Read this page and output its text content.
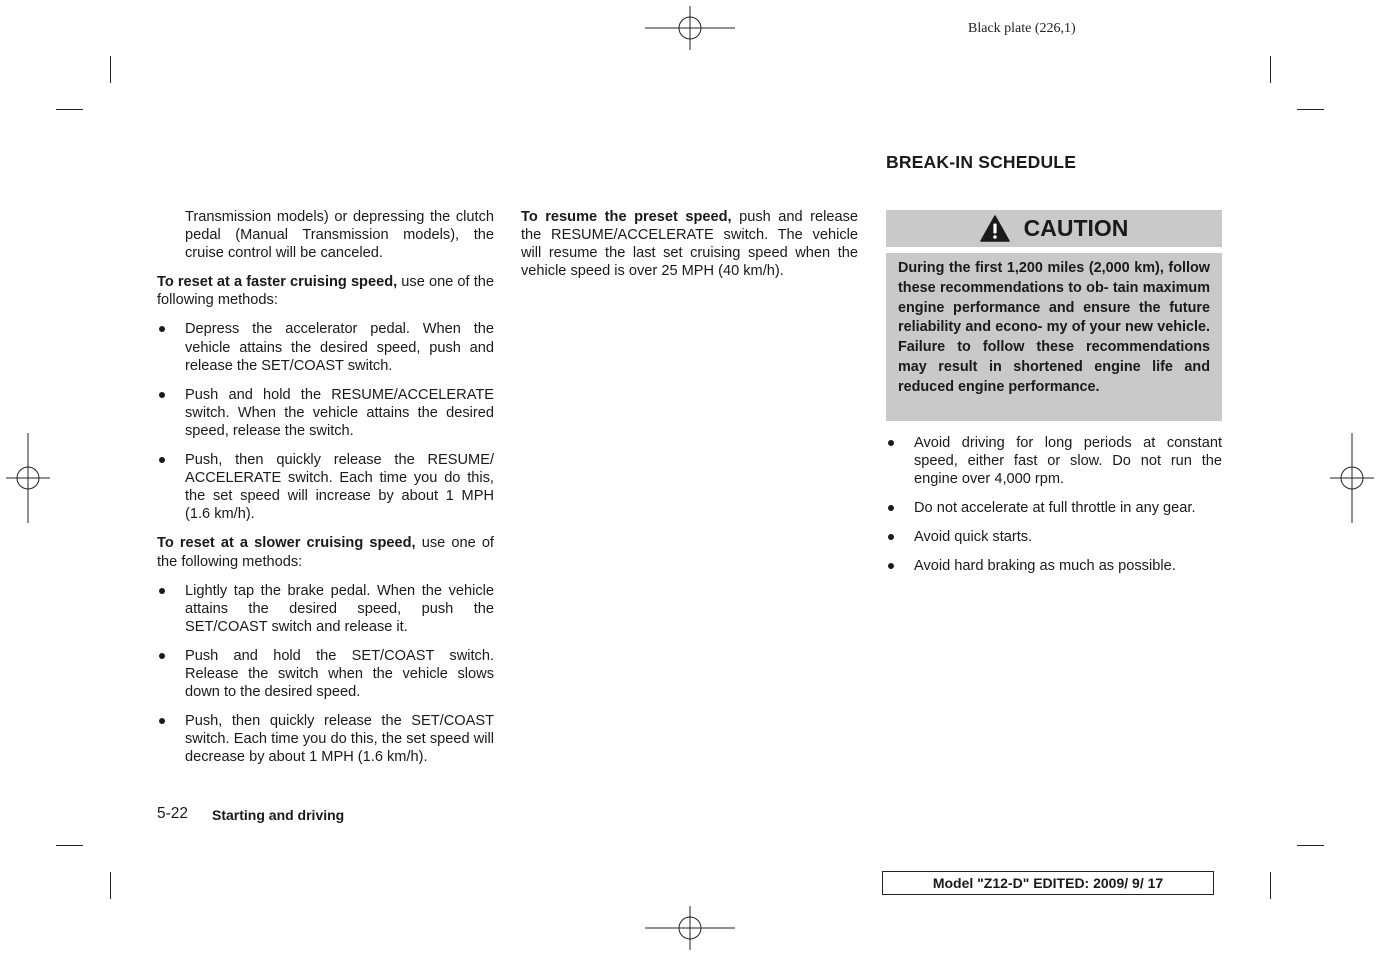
Black plate (226,1)

Transmission models) or depressing the clutch pedal (Manual Transmission models), the cruise control will be canceled.

To reset at a faster cruising speed, use one of the following methods:

Depress the accelerator pedal. When the vehicle attains the desired speed, push and release the SET/COAST switch.
Push and hold the RESUME/ACCELERATE switch. When the vehicle attains the desired speed, release the switch.
Push, then quickly release the RESUME/ ACCELERATE switch. Each time you do this, the set speed will increase by about 1 MPH (1.6 km/h).

To reset at a slower cruising speed, use one of the following methods:

Lightly tap the brake pedal. When the vehicle attains the desired speed, push the SET/COAST switch and release it.
Push and hold the SET/COAST switch. Release the switch when the vehicle slows down to the desired speed.
Push, then quickly release the SET/COAST switch. Each time you do this, the set speed will decrease by about 1 MPH (1.6 km/h).

To resume the preset speed, push and release the RESUME/ACCELERATE switch. The vehicle will resume the last set cruising speed when the vehicle speed is over 25 MPH (40 km/h).

BREAK-IN SCHEDULE
CAUTION
During the first 1,200 miles (2,000 km), follow these recommendations to ob- tain maximum engine performance and ensure the future reliability and econo- my of your new vehicle. Failure to follow these recommendations may result in shortened engine life and reduced engine performance.
Avoid driving for long periods at constant speed, either fast or slow. Do not run the engine over 4,000 rpm.
Do not accelerate at full throttle in any gear.
Avoid quick starts.
Avoid hard braking as much as possible.
5-22 Starting and driving
Model "Z12-D" EDITED: 2009/ 9/ 17
